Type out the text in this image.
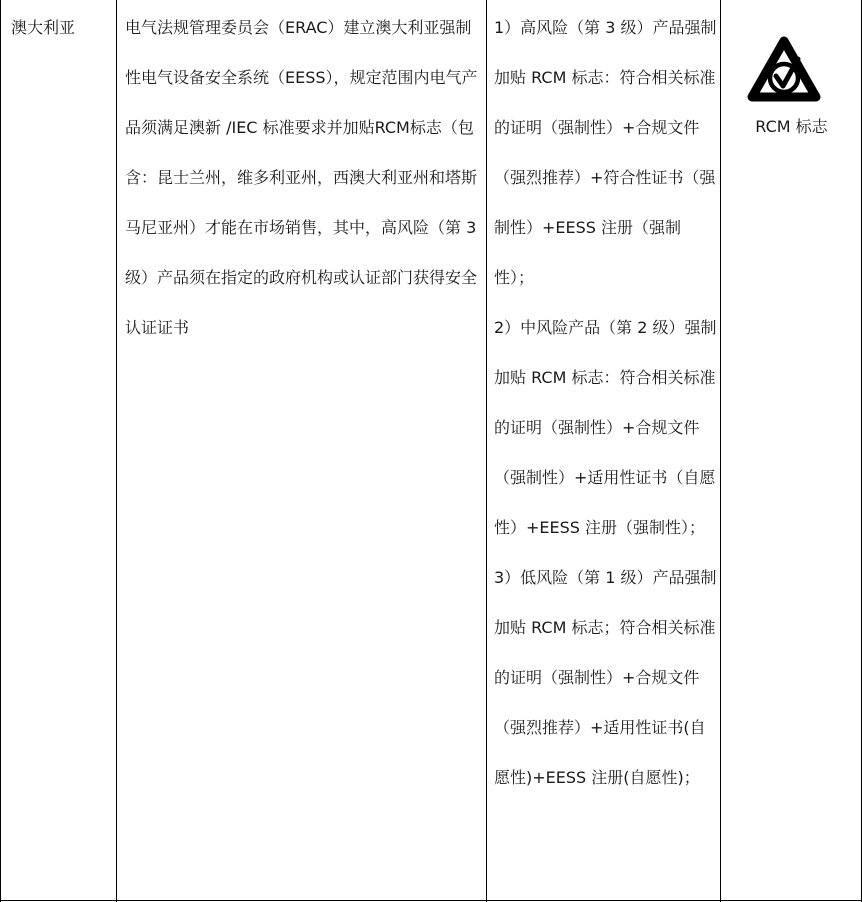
澳大利亚	电气法规管理委员会（ERAC）建立澳大利亚强制性电气设备安全系统（EESS），规定范围内电气产品须满足澳新 /IEC 标准要求并加贴RCM标志（包含：昆士兰州，维多利亚州，西澳大利亚州和塔斯马尼亚州）才能在市场销售，其中，高风险（第 3 级）产品须在指定的政府机构或认证部门获得安全认证证书

1）高风险（第 3 级）产品强制加贴 RCM 标志：符合相关标准的证明（强制性）+合规文件（强烈推荐）+符合性证书（强制性）+EESS 注册（强制性）；

2）中风险产品（第 2 级）强制加贴 RCM 标志：符合相关标准的证明（强制性）+合规文件（强制性）+适用性证书（自愿性）+EESS 注册（强制性）；

3）低风险（第 1 级）产品强制加贴 RCM 标志；符合相关标准的证明（强制性）+合规文件（强烈推荐）+适用性证书(自愿性)+EESS 注册(自愿性)；

RCM 标志
